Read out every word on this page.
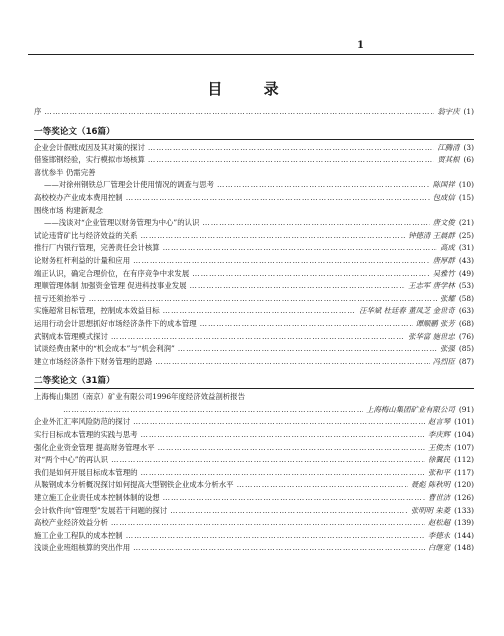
1
目 录
序 …………………………………………………………………………………………………………………………………………………………	翁宇庆 (1)
一等奖论文（16篇）
企业会计假账成因及其对策的探讨 …………………………………………………………………………………………………………………………………………………………	江腾清 (3)
借鉴邯钢经验，实行模拟市场核算 …………………………………………………………………………………………………………………………………………………………	贾其根 (6)
喜忧参半 仍需完善
——对徐州钢铁总厂管理会计使用情况的调查与思考 …………………………………………………………………………………………………………………………………………………………	陈国祥 (10)
高校校办产业成本费用控制 …………………………………………………………………………………………………………………………………………………………	包成信 (15)
围绕市场 构建新观念
——浅谈对“企业管理以财务管理为中心”的认识 …………………………………………………………………………………………………………………………………………………………	唐文俊 (21)
试论违背矿比与经济效益的关系 …………………………………………………………………………………………………………………………………………………………	钟德清 王晨群 (25)
推行厂内银行管理，完善责任会计核算 …………………………………………………………………………………………………………………………………………………………	高成 (31)
论财务杠杆利益的计量和应用 …………………………………………………………………………………………………………………………………………………………	唐厚群 (43)
端正认识，确定合理价位，在有序竞争中求发展 …………………………………………………………………………………………………………………………………………………………	吴雅竹 (49)
理顺管理体制 加强资金管理 促进科技事业发展 …………………………………………………………………………………………………………………………………………………………	王志军 唐学林 (53)
扭亏还须抬举亏 …………………………………………………………………………………………………………………………………………………………	张耀 (58)
实施超常目标管理，控制成本效益目标 …………………………………………………………………………………………………………………………………………………………	汪华斌 杜廷春 董凤芝 金世奇 (63)
运用行动会计思想抓好市场经济条件下的成本管理 …………………………………………………………………………………………………………………………………………………………	谭顺鹏 张芳 (68)
武钢成本管理模式探讨 …………………………………………………………………………………………………………………………………………………………	张华富 施世忠 (76)
试谈经费由紧中的“机会成本”与“机会利润” …………………………………………………………………………………………………………………………………………………………	张强 (85)
建立市场经济条件下财务管理的思路 …………………………………………………………………………………………………………………………………………………………	冯烈臣 (87)
二等奖论文（31篇）
上海梅山集团（南京）矿业有限公司1996年度经济效益剖析报告
…………………………………………………………………………………………………………………………………………………………
上海梅山集团矿业有限公司 (91)
企业外汇汇率风险防范的探讨 …………………………………………………………………………………………………………………………………………………………	赵言琴 (101)
实行目标成本管理的实践与思考 …………………………………………………………………………………………………………………………………………………………	李庆辉 (104)
强化企业资金管理 提高财务管理水平 …………………………………………………………………………………………………………………………………………………………	王俊杰 (107)
对“两个中心”的再认识 …………………………………………………………………………………………………………………………………………………………	徐翼民 (112)
我们是如何开展目标成本管理的 …………………………………………………………………………………………………………………………………………………………	张和平 (117)
从鞍钢成本分析概况探讨如何提高大型钢铁企业成本分析水平 …………………………………………………………………………………………………………………………………………………………	聂彪 陈秋明 (120)
建立施工企业责任成本控制体制的设想 …………………………………………………………………………………………………………………………………………………………	曹世洁 (126)
会计软件向“管理型”发展若干问题的探讨 …………………………………………………………………………………………………………………………………………………………	张明明 朱菱 (133)
高校产业经济效益分析 …………………………………………………………………………………………………………………………………………………………	赵松超 (139)
施工企业工程队的成本控制 …………………………………………………………………………………………………………………………………………………………	李德永 (144)
浅谈企业班组核算的突出作用 …………………………………………………………………………………………………………………………………………………………	白继宽 (148)
